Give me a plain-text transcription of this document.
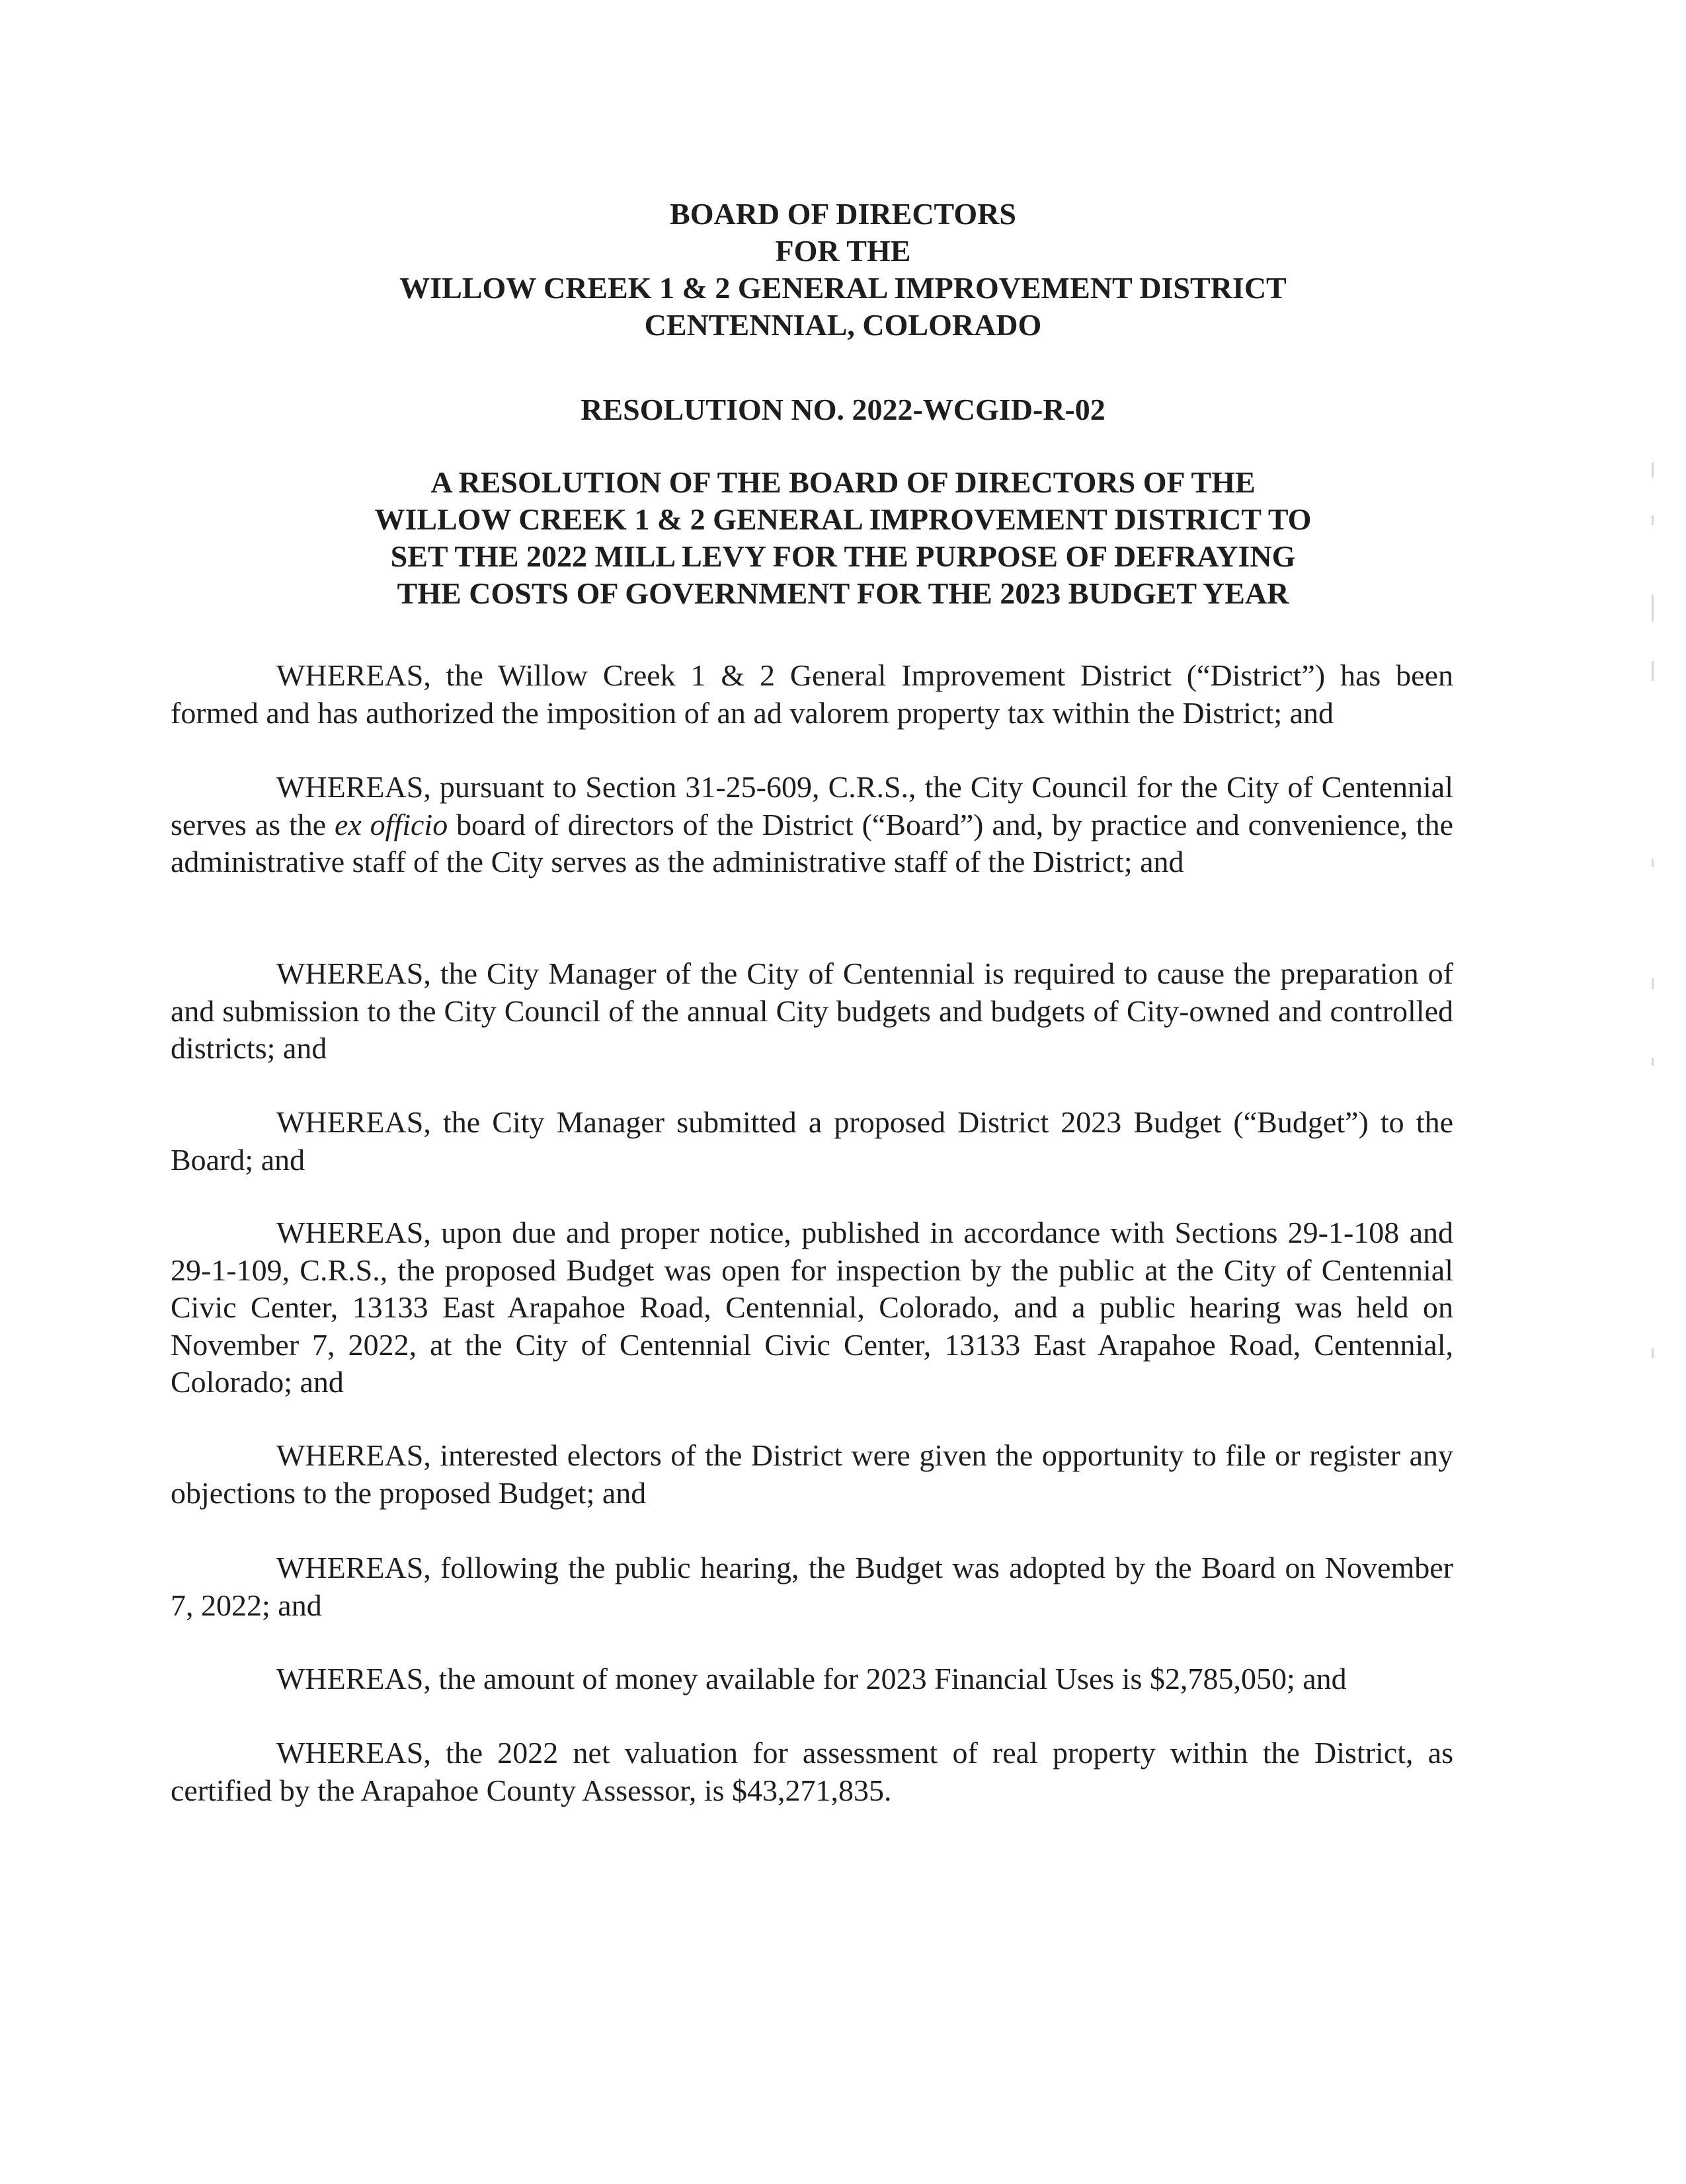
BOARD OF DIRECTORS
FOR THE
WILLOW CREEK 1 & 2 GENERAL IMPROVEMENT DISTRICT
CENTENNIAL, COLORADO
RESOLUTION NO. 2022-WCGID-R-02
A RESOLUTION OF THE BOARD OF DIRECTORS OF THE
WILLOW CREEK 1 & 2 GENERAL IMPROVEMENT DISTRICT TO
SET THE 2022 MILL LEVY FOR THE PURPOSE OF DEFRAYING
THE COSTS OF GOVERNMENT FOR THE 2023 BUDGET YEAR

WHEREAS, the Willow Creek 1 & 2 General Improvement District (“District”) has been formed and has authorized the imposition of an ad valorem property tax within the District; and

WHEREAS, pursuant to Section 31-25-609, C.R.S., the City Council for the City of Centennial serves as the ex officio board of directors of the District (“Board”) and, by practice and convenience, the administrative staff of the City serves as the administrative staff of the District; and

WHEREAS, the City Manager of the City of Centennial is required to cause the preparation of and submission to the City Council of the annual City budgets and budgets of City-owned and controlled districts; and

WHEREAS, the City Manager submitted a proposed District 2023 Budget (“Budget”) to the Board; and

WHEREAS, upon due and proper notice, published in accordance with Sections 29-1-108 and 29-1-109, C.R.S., the proposed Budget was open for inspection by the public at the City of Centennial Civic Center, 13133 East Arapahoe Road, Centennial, Colorado, and a public hearing was held on November 7, 2022, at the City of Centennial Civic Center, 13133 East Arapahoe Road, Centennial, Colorado; and

WHEREAS, interested electors of the District were given the opportunity to file or register any objections to the proposed Budget; and

WHEREAS, following the public hearing, the Budget was adopted by the Board on November 7, 2022; and

WHEREAS, the amount of money available for 2023 Financial Uses is $2,785,050; and

WHEREAS, the 2022 net valuation for assessment of real property within the District, as certified by the Arapahoe County Assessor, is $43,271,835.
